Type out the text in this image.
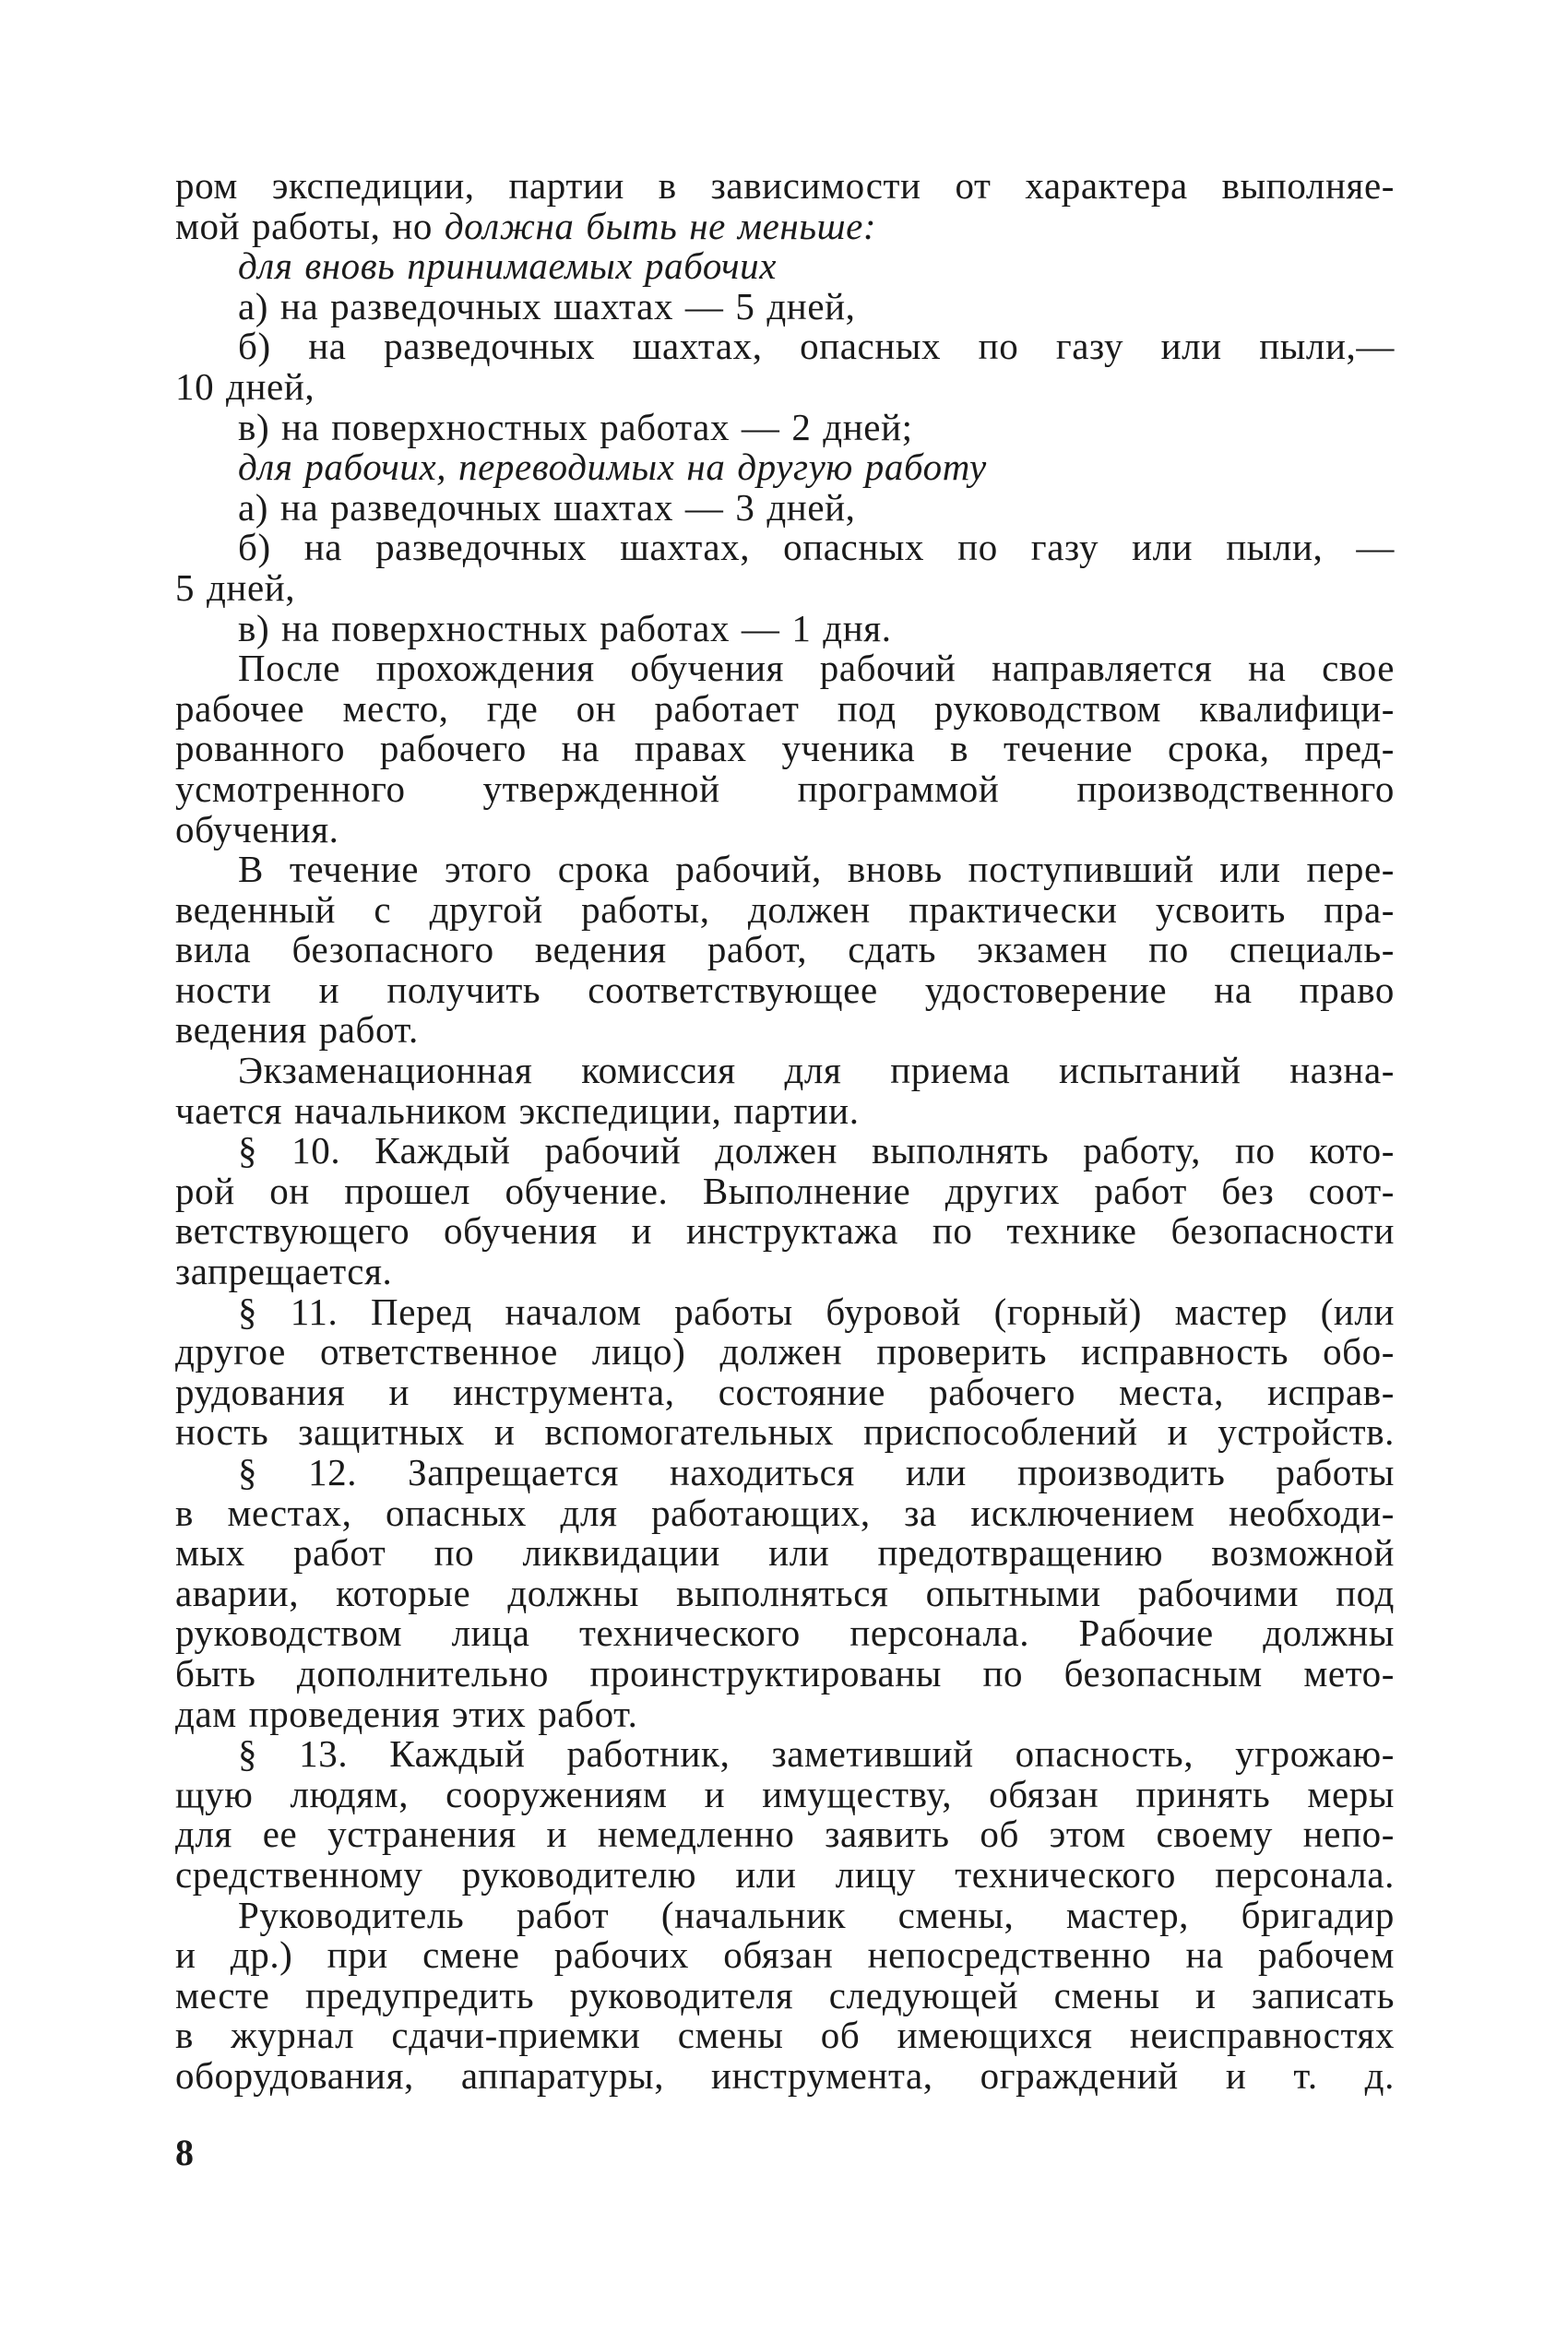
ром экспедиции, партии в зависимости от характера выполняе-
мой работы, но должна быть не меньше:
для вновь принимаемых рабочих
а) на разведочных шахтах — 5 дней,
б) на разведочных шахтах, опасных по газу или пыли,—
10 дней,
в) на поверхностных работах — 2 дней;
для рабочих, переводимых на другую работу
а) на разведочных шахтах — 3 дней,
б) на разведочных шахтах, опасных по газу или пыли, —
5 дней,
в) на поверхностных работах — 1 дня.
После прохождения обучения рабочий направляется на свое
рабочее место, где он работает под руководством квалифици-
рованного рабочего на правах ученика в течение срока, пред-
усмотренного утвержденной программой производственного
обучения.
В течение этого срока рабочий, вновь поступивший или пере-
веденный с другой работы, должен практически усвоить пра-
вила безопасного ведения работ, сдать экзамен по специаль-
ности и получить соответствующее удостоверение на право
ведения работ.
Экзаменационная комиссия для приема испытаний назна-
чается начальником экспедиции, партии.
§ 10. Каждый рабочий должен выполнять работу, по кото-
рой он прошел обучение. Выполнение других работ без соот-
ветствующего обучения и инструктажа по технике безопасности
запрещается.
§ 11. Перед началом работы буровой (горный) мастер (или
другое ответственное лицо) должен проверить исправность обо-
рудования и инструмента, состояние рабочего места, исправ-
ность защитных и вспомогательных приспособлений и устройств.
§ 12. Запрещается находиться или производить работы
в местах, опасных для работающих, за исключением необходи-
мых работ по ликвидации или предотвращению возможной
аварии, которые должны выполняться опытными рабочими под
руководством лица технического персонала. Рабочие должны
быть дополнительно проинструктированы по безопасным мето-
дам проведения этих работ.
§ 13. Каждый работник, заметивший опасность, угрожаю-
щую людям, сооружениям и имуществу, обязан принять меры
для ее устранения и немедленно заявить об этом своему непо-
средственному руководителю или лицу технического персонала.
Руководитель работ (начальник смены, мастер, бригадир
и др.) при смене рабочих обязан непосредственно на рабочем
месте предупредить руководителя следующей смены и записать
в журнал сдачи-приемки смены об имеющихся неисправностях
оборудования, аппаратуры, инструмента, ограждений и т. д.
8
